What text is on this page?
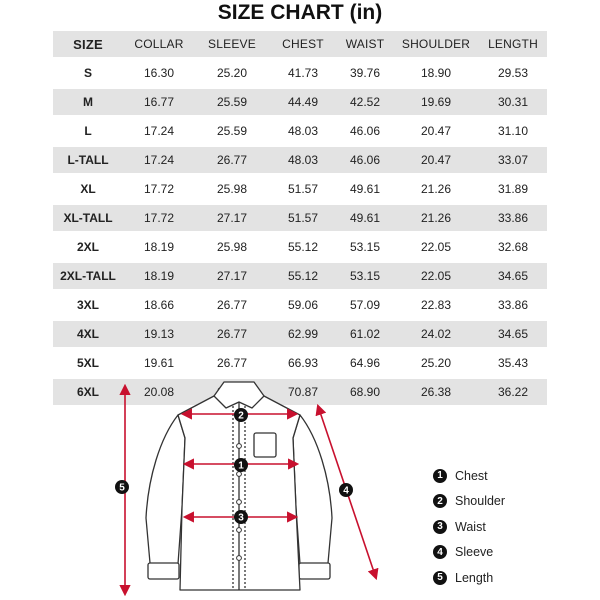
SIZE CHART (in)
SIZE	COLLAR	SLEEVE	CHEST	WAIST	SHOULDER	LENGTH
S	16.30	25.20	41.73	39.76	18.90	29.53
M	16.77	25.59	44.49	42.52	19.69	30.31
L	17.24	25.59	48.03	46.06	20.47	31.10
L-TALL	17.24	26.77	48.03	46.06	20.47	33.07
XL	17.72	25.98	51.57	49.61	21.26	31.89
XL-TALL	17.72	27.17	51.57	49.61	21.26	33.86
2XL	18.19	25.98	55.12	53.15	22.05	32.68
2XL-TALL	18.19	27.17	55.12	53.15	22.05	34.65
3XL	18.66	26.77	59.06	57.09	22.83	33.86
4XL	19.13	26.77	62.99	61.02	24.02	34.65
5XL	19.61	26.77	66.93	64.96	25.20	35.43
6XL	20.08		70.87	68.90	26.38	36.22
2
1
3
4
5
1 Chest
2 Shoulder
3 Waist
4 Sleeve
5 Length
